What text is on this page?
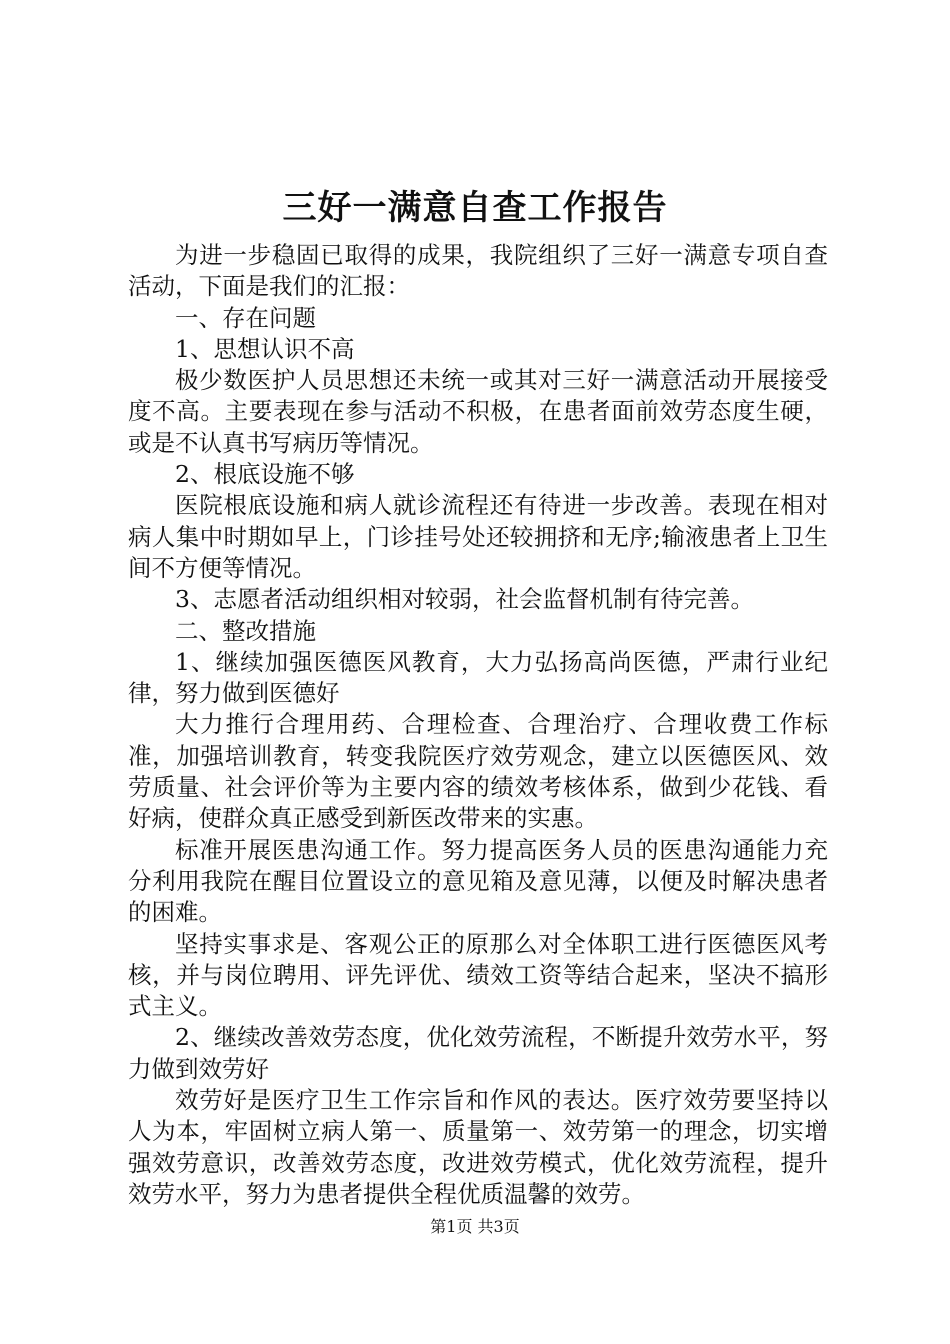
三好一满意自查工作报告

为进一步稳固已取得的成果，我院组织了三好一满意专项自查活动，下面是我们的汇报：

一、存在问题

1、思想认识不高

极少数医护人员思想还未统一或其对三好一满意活动开展接受度不高。主要表现在参与活动不积极，在患者面前效劳态度生硬，或是不认真书写病历等情况。

2、根底设施不够

医院根底设施和病人就诊流程还有待进一步改善。表现在相对病人集中时期如早上，门诊挂号处还较拥挤和无序;输液患者上卫生间不方便等情况。

3、志愿者活动组织相对较弱，社会监督机制有待完善。

二、整改措施

1、继续加强医德医风教育，大力弘扬高尚医德，严肃行业纪律，努力做到医德好

大力推行合理用药、合理检查、合理治疗、合理收费工作标准，加强培训教育，转变我院医疗效劳观念，建立以医德医风、效劳质量、社会评价等为主要内容的绩效考核体系，做到少花钱、看好病，使群众真正感受到新医改带来的实惠。

标准开展医患沟通工作。努力提高医务人员的医患沟通能力充分利用我院在醒目位置设立的意见箱及意见薄，以便及时解决患者的困难。

坚持实事求是、客观公正的原那么对全体职工进行医德医风考核，并与岗位聘用、评先评优、绩效工资等结合起来，坚决不搞形式主义。

2、继续改善效劳态度，优化效劳流程，不断提升效劳水平，努力做到效劳好

效劳好是医疗卫生工作宗旨和作风的表达。医疗效劳要坚持以人为本，牢固树立病人第一、质量第一、效劳第一的理念，切实增强效劳意识，改善效劳态度，改进效劳模式，优化效劳流程，提升效劳水平，努力为患者提供全程优质温馨的效劳。

第1页 共3页
